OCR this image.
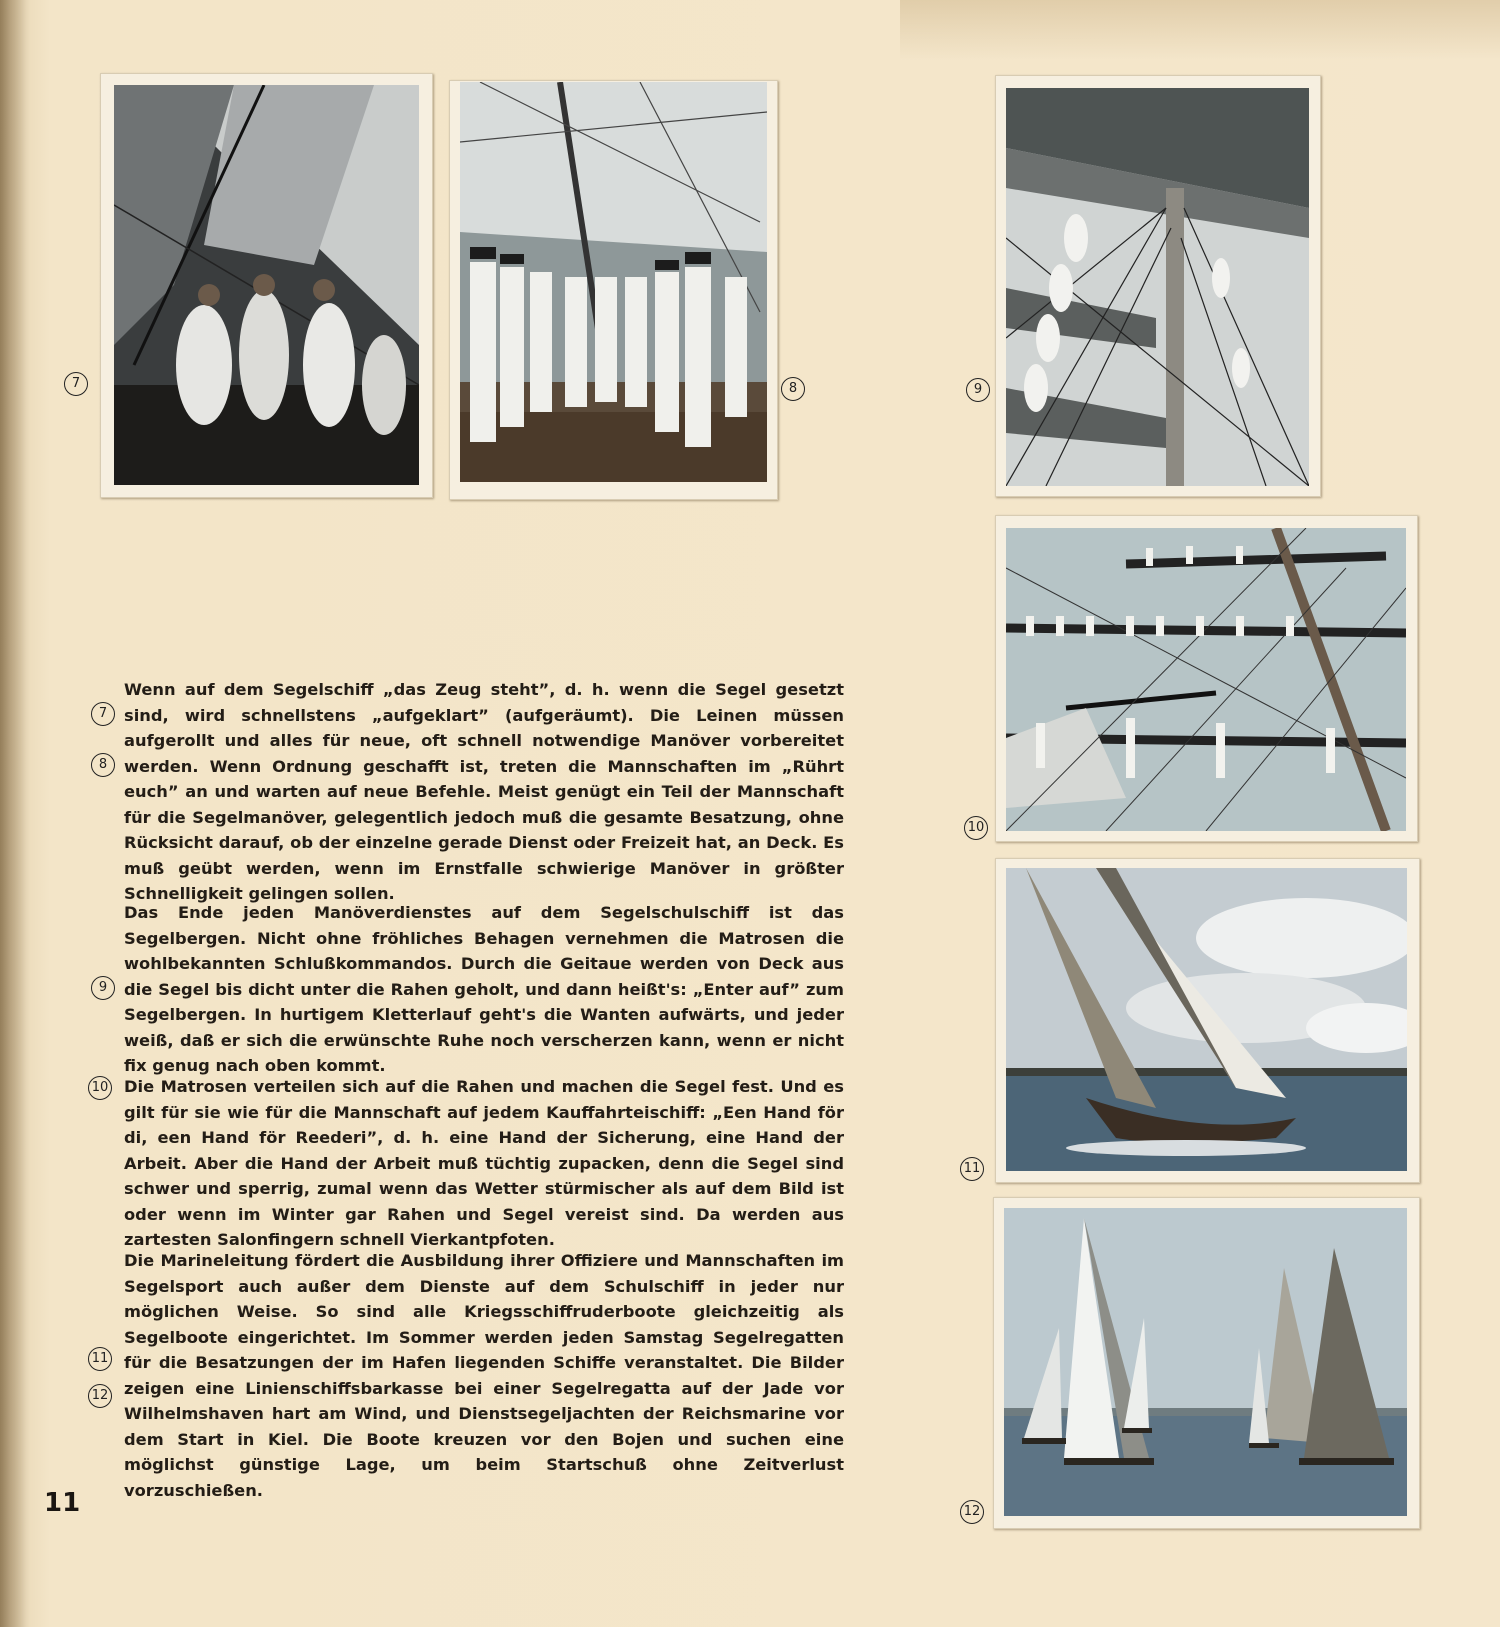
7	8	9
10
11
12

Wenn auf dem Segelschiff „das Zeug steht”, d. h. wenn die Segel gesetzt sind, wird schnellstens „aufgeklart” (aufgeräumt). Die Leinen müssen aufgerollt und alles für neue, oft schnell notwendige Manöver vorbereitet werden. Wenn Ordnung geschafft ist, treten die Mannschaften im „Rührt euch” an und warten auf neue Befehle. Meist genügt ein Teil der Mannschaft für die Segelmanöver, gelegentlich jedoch muß die gesamte Besatzung, ohne Rücksicht darauf, ob der einzelne gerade Dienst oder Freizeit hat, an Deck. Es muß geübt werden, wenn im Ernstfalle schwierige Manöver in größter Schnelligkeit gelingen sollen.

Das Ende jeden Manöverdienstes auf dem Segelschulschiff ist das Segelbergen. Nicht ohne fröhliches Behagen vernehmen die Matrosen die wohlbekannten Schlußkommandos. Durch die Geitaue werden von Deck aus die Segel bis dicht unter die Rahen geholt, und dann heißt's: „Enter auf” zum Segelbergen. In hurtigem Kletterlauf geht's die Wanten aufwärts, und jeder weiß, daß er sich die erwünschte Ruhe noch verscherzen kann, wenn er nicht fix genug nach oben kommt.

Die Matrosen verteilen sich auf die Rahen und machen die Segel fest. Und es gilt für sie wie für die Mannschaft auf jedem Kauffahrteischiff: „Een Hand för di, een Hand för Reederi”, d. h. eine Hand der Sicherung, eine Hand der Arbeit. Aber die Hand der Arbeit muß tüchtig zupacken, denn die Segel sind schwer und sperrig, zumal wenn das Wetter stürmischer als auf dem Bild ist oder wenn im Winter gar Rahen und Segel vereist sind. Da werden aus zartesten Salonfingern schnell Vierkantpfoten.

Die Marineleitung fördert die Ausbildung ihrer Offiziere und Mannschaften im Segelsport auch außer dem Dienste auf dem Schulschiff in jeder nur möglichen Weise. So sind alle Kriegsschiffruderboote gleichzeitig als Segelboote eingerichtet. Im Sommer werden jeden Samstag Segelregatten für die Besatzungen der im Hafen liegenden Schiffe veranstaltet. Die Bilder zeigen eine Linienschiffsbarkasse bei einer Segelregatta auf der Jade vor Wilhelmshaven hart am Wind, und Dienstsegeljachten der Reichsmarine vor dem Start in Kiel. Die Boote kreuzen vor den Bojen und suchen eine möglichst günstige Lage, um beim Startschuß ohne Zeitverlust vorzuschießen.

7
8
9
10
11
12
11
